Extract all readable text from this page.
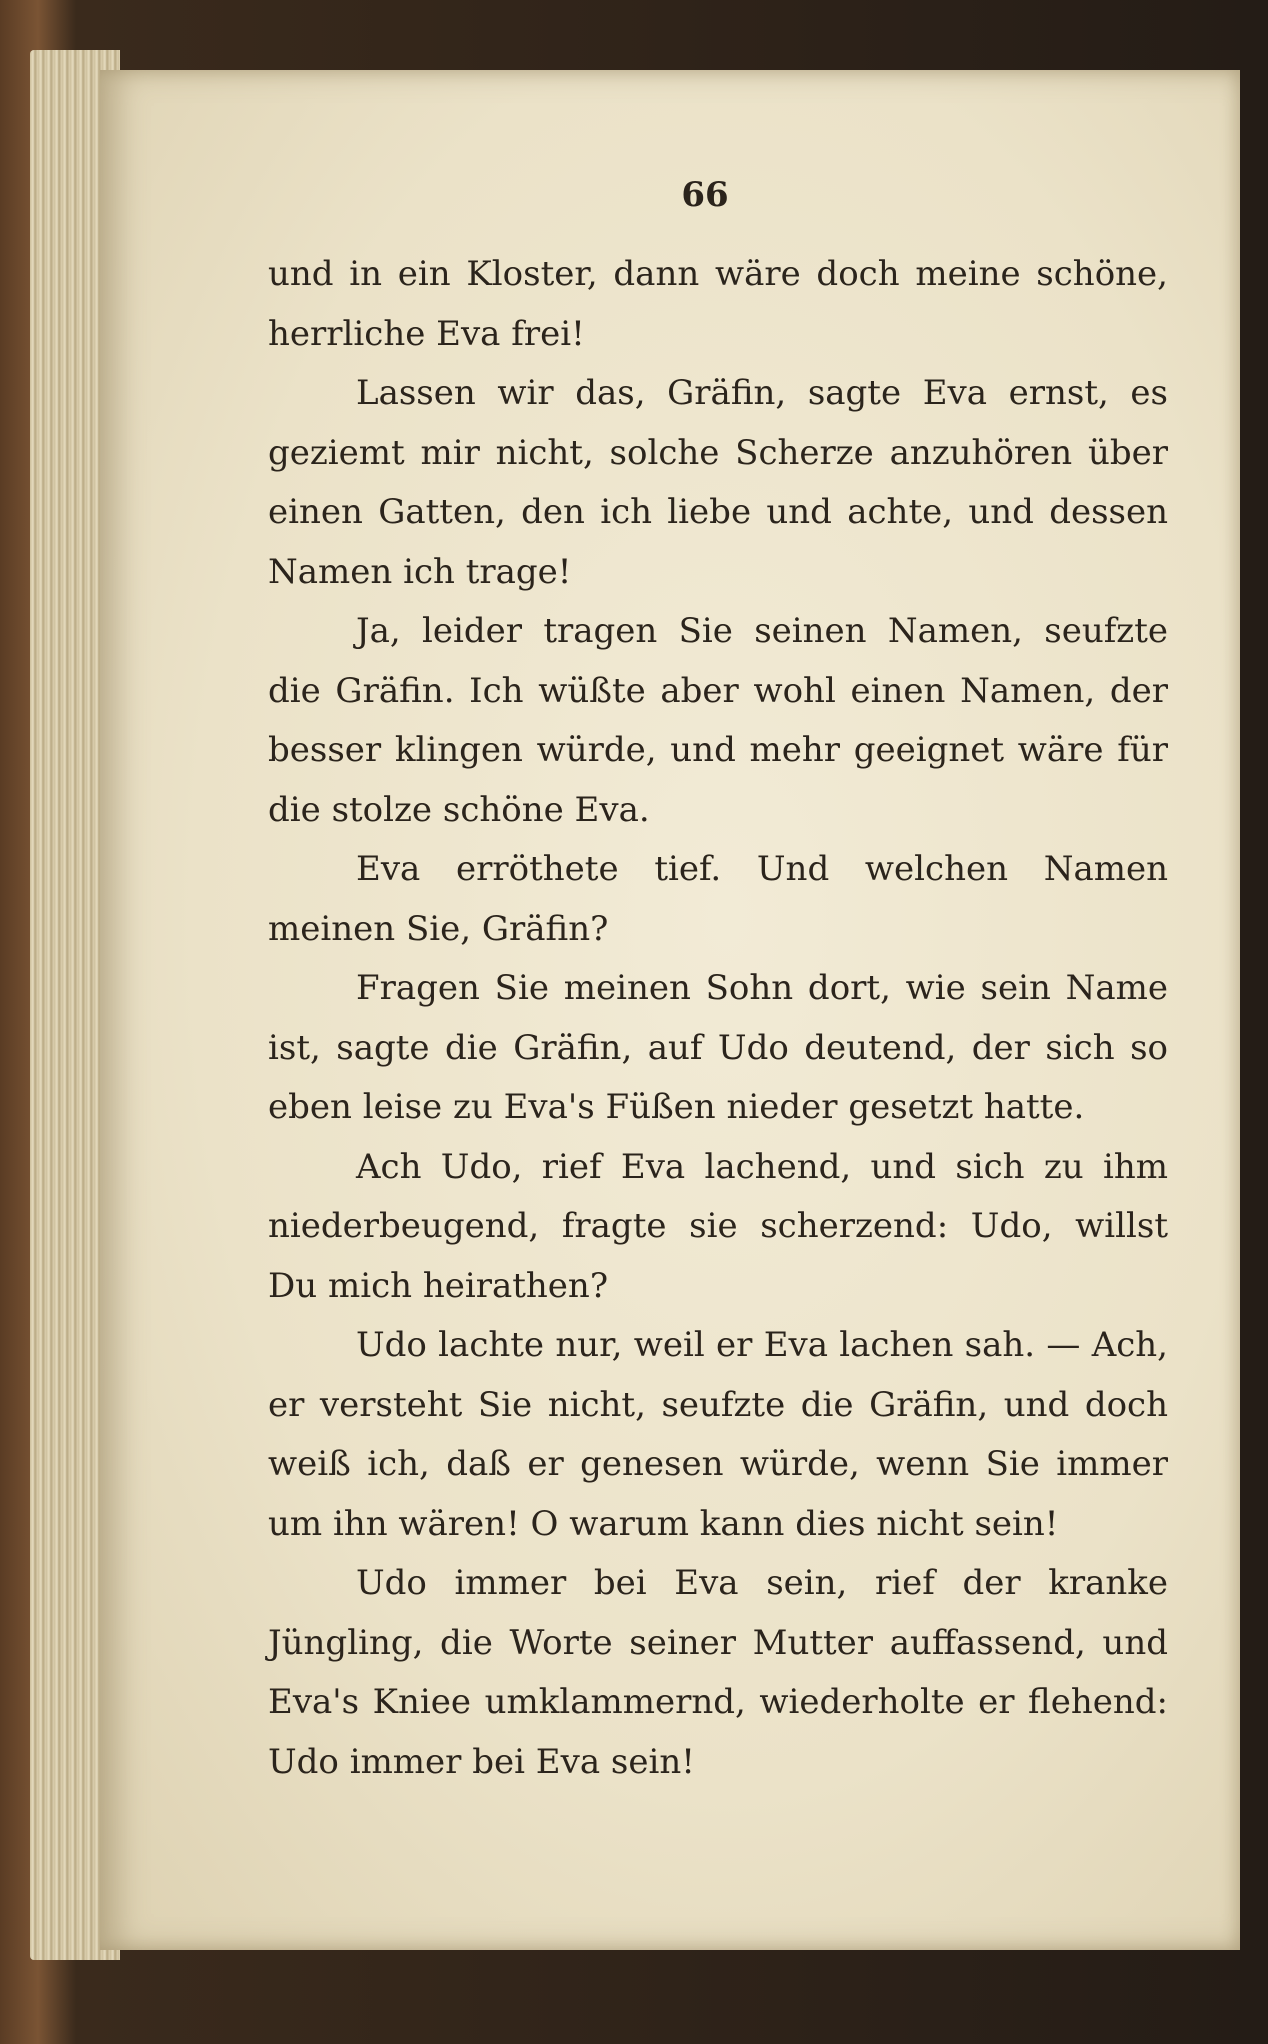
66

und in ein Kloster, dann wäre doch meine schöne, herrliche Eva frei!

Lassen wir das, Gräfin, sagte Eva ernst, es geziemt mir nicht, solche Scherze anzuhören über einen Gatten, den ich liebe und achte, und dessen Namen ich trage!

Ja, leider tragen Sie seinen Namen, seufzte die Gräfin. Ich wüßte aber wohl einen Namen, der besser klingen würde, und mehr geeignet wäre für die stolze schöne Eva.

Eva erröthete tief. Und welchen Namen meinen Sie, Gräfin?

Fragen Sie meinen Sohn dort, wie sein Name ist, sagte die Gräfin, auf Udo deutend, der sich so eben leise zu Eva's Füßen nieder gesetzt hatte.

Ach Udo, rief Eva lachend, und sich zu ihm niederbeugend, fragte sie scherzend: Udo, willst Du mich heirathen?

Udo lachte nur, weil er Eva lachen sah. — Ach, er versteht Sie nicht, seufzte die Gräfin, und doch weiß ich, daß er genesen würde, wenn Sie immer um ihn wären! O warum kann dies nicht sein!

Udo immer bei Eva sein, rief der kranke Jüngling, die Worte seiner Mutter auffassend, und Eva's Kniee umklammernd, wiederholte er flehend: Udo immer bei Eva sein!
